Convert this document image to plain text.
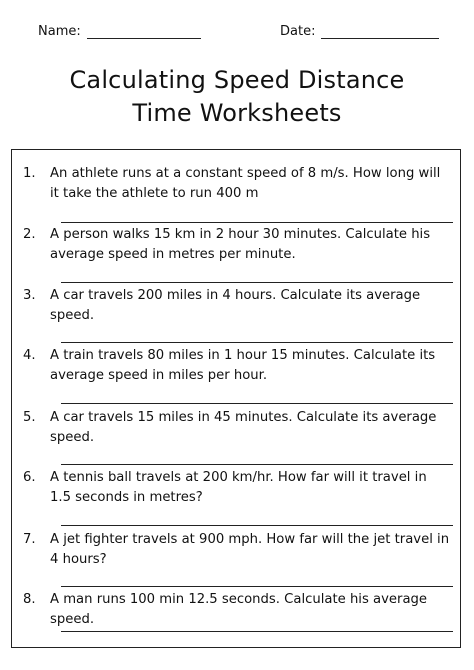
Name:	Date:
Calculating Speed Distance
Time Worksheets
1.	An athlete runs at a constant speed of 8 m/s. How long will it take the athlete to run 400 m
2.	A person walks 15 km in 2 hour 30 minutes. Calculate his average speed in metres per minute.
3.	A car travels 200 miles in 4 hours. Calculate its average speed.
4.	A train travels 80 miles in 1 hour 15 minutes. Calculate its average speed in miles per hour.
5.	A car travels 15 miles in 45 minutes. Calculate its average speed.
6.	A tennis ball travels at 200 km/hr. How far will it travel in 1.5 seconds in metres?
7.	A jet fighter travels at 900 mph. How far will the jet travel in 4 hours?
8.	A man runs 100 min 12.5 seconds. Calculate his average speed.
